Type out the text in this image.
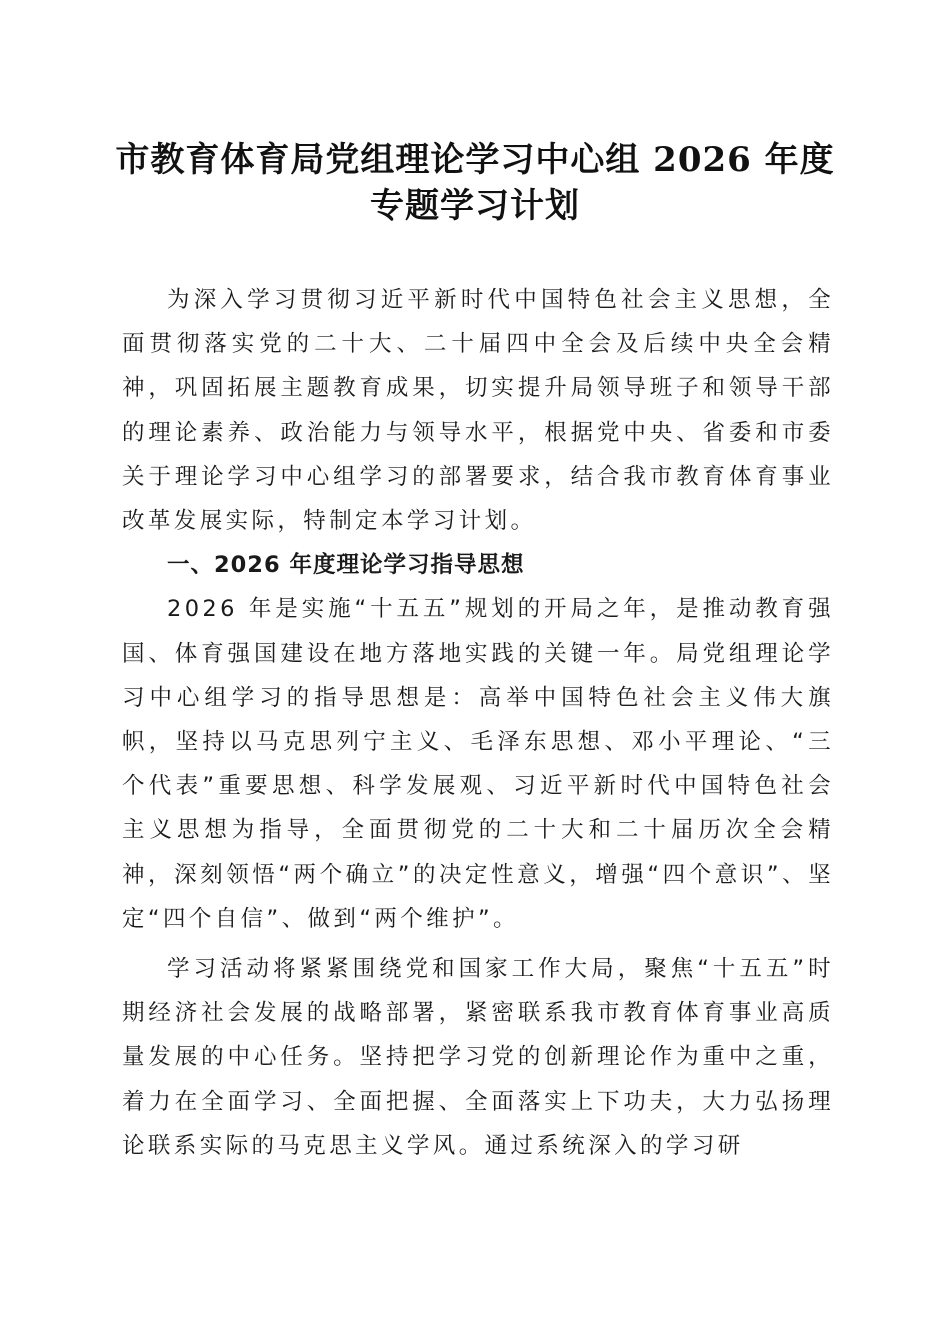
市教育体育局党组理论学习中心组 2026 年度
专题学习计划

为深入学习贯彻习近平新时代中国特色社会主义思想，全面贯彻落实党的二十大、二十届四中全会及后续中央全会精神，巩固拓展主题教育成果，切实提升局领导班子和领导干部的理论素养、政治能力与领导水平，根据党中央、省委和市委关于理论学习中心组学习的部署要求，结合我市教育体育事业改革发展实际，特制定本学习计划。

一、2026 年度理论学习指导思想

2026 年是实施“十五五”规划的开局之年，是推动教育强国、体育强国建设在地方落地实践的关键一年。局党组理论学习中心组学习的指导思想是：高举中国特色社会主义伟大旗帜，坚持以马克思列宁主义、毛泽东思想、邓小平理论、“三个代表”重要思想、科学发展观、习近平新时代中国特色社会主义思想为指导，全面贯彻党的二十大和二十届历次全会精神，深刻领悟“两个确立”的决定性意义，增强“四个意识”、坚定“四个自信”、做到“两个维护”。

学习活动将紧紧围绕党和国家工作大局，聚焦“十五五”时期经济社会发展的战略部署，紧密联系我市教育体育事业高质量发展的中心任务。坚持把学习党的创新理论作为重中之重，着力在全面学习、全面把握、全面落实上下功夫，大力弘扬理论联系实际的马克思主义学风。通过系统深入的学习研
